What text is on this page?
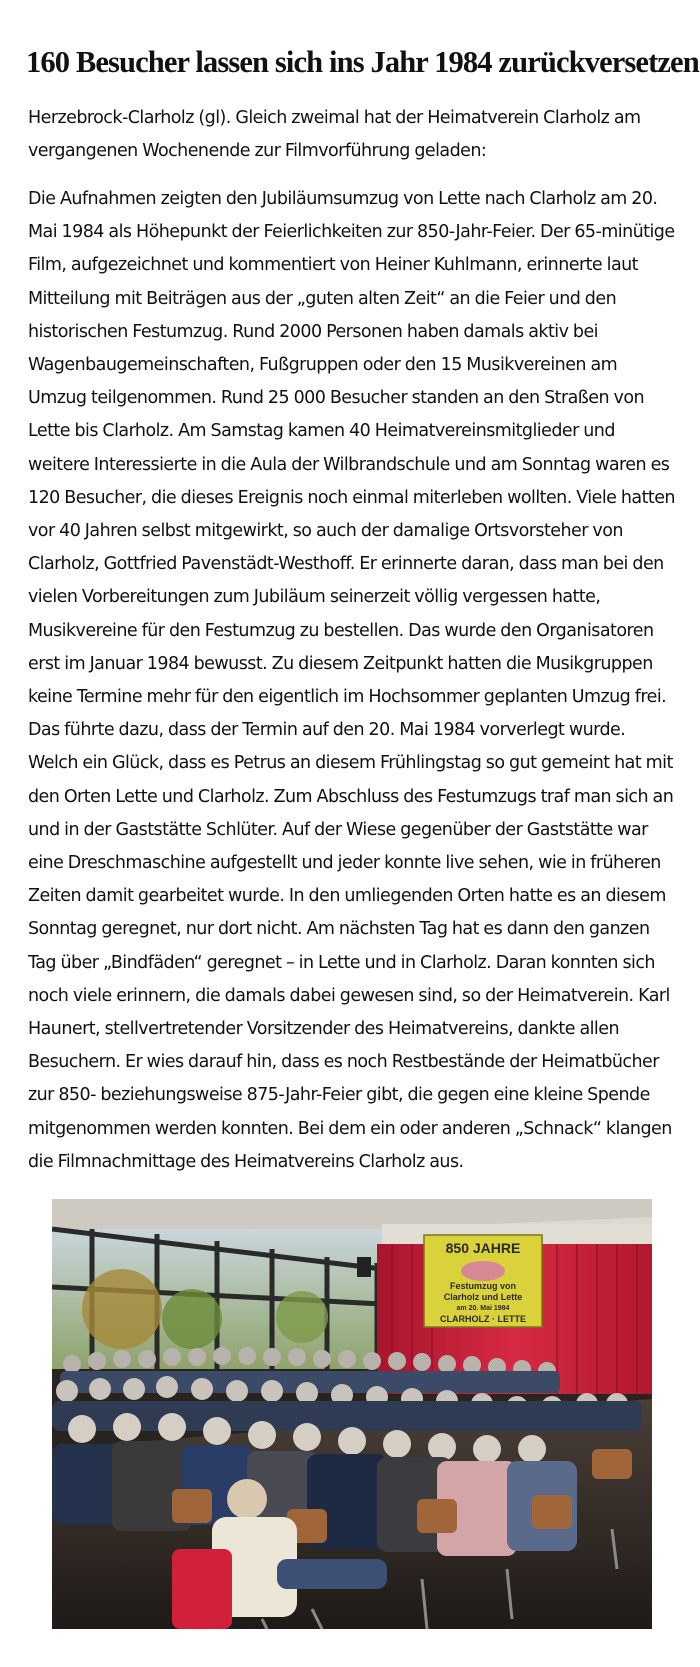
160 Besucher lassen sich ins Jahr 1984 zurückversetzen

Herzebrock-Clarholz (gl). Gleich zweimal hat der Heimatverein Clarholz am vergangenen Wochenende zur Filmvorführung geladen:

Die Aufnahmen zeigten den Jubiläumsumzug von Lette nach Clarholz am 20. Mai 1984 als Höhepunkt der Feierlichkeiten zur 850-Jahr-Feier. Der 65-minütige Film, aufgezeichnet und kommentiert von Heiner Kuhlmann, erinnerte laut Mitteilung mit Beiträgen aus der „guten alten Zeit“ an die Feier und den historischen Festumzug. Rund 2000 Personen haben damals aktiv bei Wagenbaugemeinschaften, Fußgruppen oder den 15 Musikvereinen am Umzug teilgenommen. Rund 25 000 Besucher standen an den Straßen von Lette bis Clarholz. Am Samstag kamen 40 Heimatvereinsmitglieder und weitere Interessierte in die Aula der Wilbrandschule und am Sonntag waren es 120 Besucher, die dieses Ereignis noch einmal miterleben wollten. Viele hatten vor 40 Jahren selbst mitgewirkt, so auch der damalige Ortsvorsteher von Clarholz, Gottfried Pavenstädt-Westhoff. Er erinnerte daran, dass man bei den vielen Vorbereitungen zum Jubiläum seinerzeit völlig vergessen hatte, Musikvereine für den Festumzug zu bestellen. Das wurde den Organisatoren erst im Januar 1984 bewusst. Zu diesem Zeitpunkt hatten die Musikgruppen keine Termine mehr für den eigentlich im Hochsommer geplanten Umzug frei. Das führte dazu, dass der Termin auf den 20. Mai 1984 vorverlegt wurde. Welch ein Glück, dass es Petrus an diesem Frühlingstag so gut gemeint hat mit den Orten Lette und Clarholz. Zum Abschluss des Festumzugs traf man sich an und in der Gaststätte Schlüter. Auf der Wiese gegenüber der Gaststätte war eine Dreschmaschine aufgestellt und jeder konnte live sehen, wie in früheren Zeiten damit gearbeitet wurde. In den umliegenden Orten hatte es an diesem Sonntag geregnet, nur dort nicht. Am nächsten Tag hat es dann den ganzen Tag über „Bindfäden“ geregnet – in Lette und in Clarholz. Daran konnten sich noch viele erinnern, die damals dabei gewesen sind, so der Heimatverein. Karl Haunert, stellvertretender Vorsitzender des Heimatvereins, dankte allen Besuchern. Er wies darauf hin, dass es noch Restbestände der Heimatbücher zur 850- beziehungsweise 875-Jahr-Feier gibt, die gegen eine kleine Spende mitgenommen werden konnten. Bei dem ein oder anderen „Schnack“ klangen die Filmnachmittage des Heimatvereins Clarholz aus.

850 JAHRE
Festumzug von
Clarholz und Lette
am 20. Mai 1984
CLARHOLZ · LETTE
